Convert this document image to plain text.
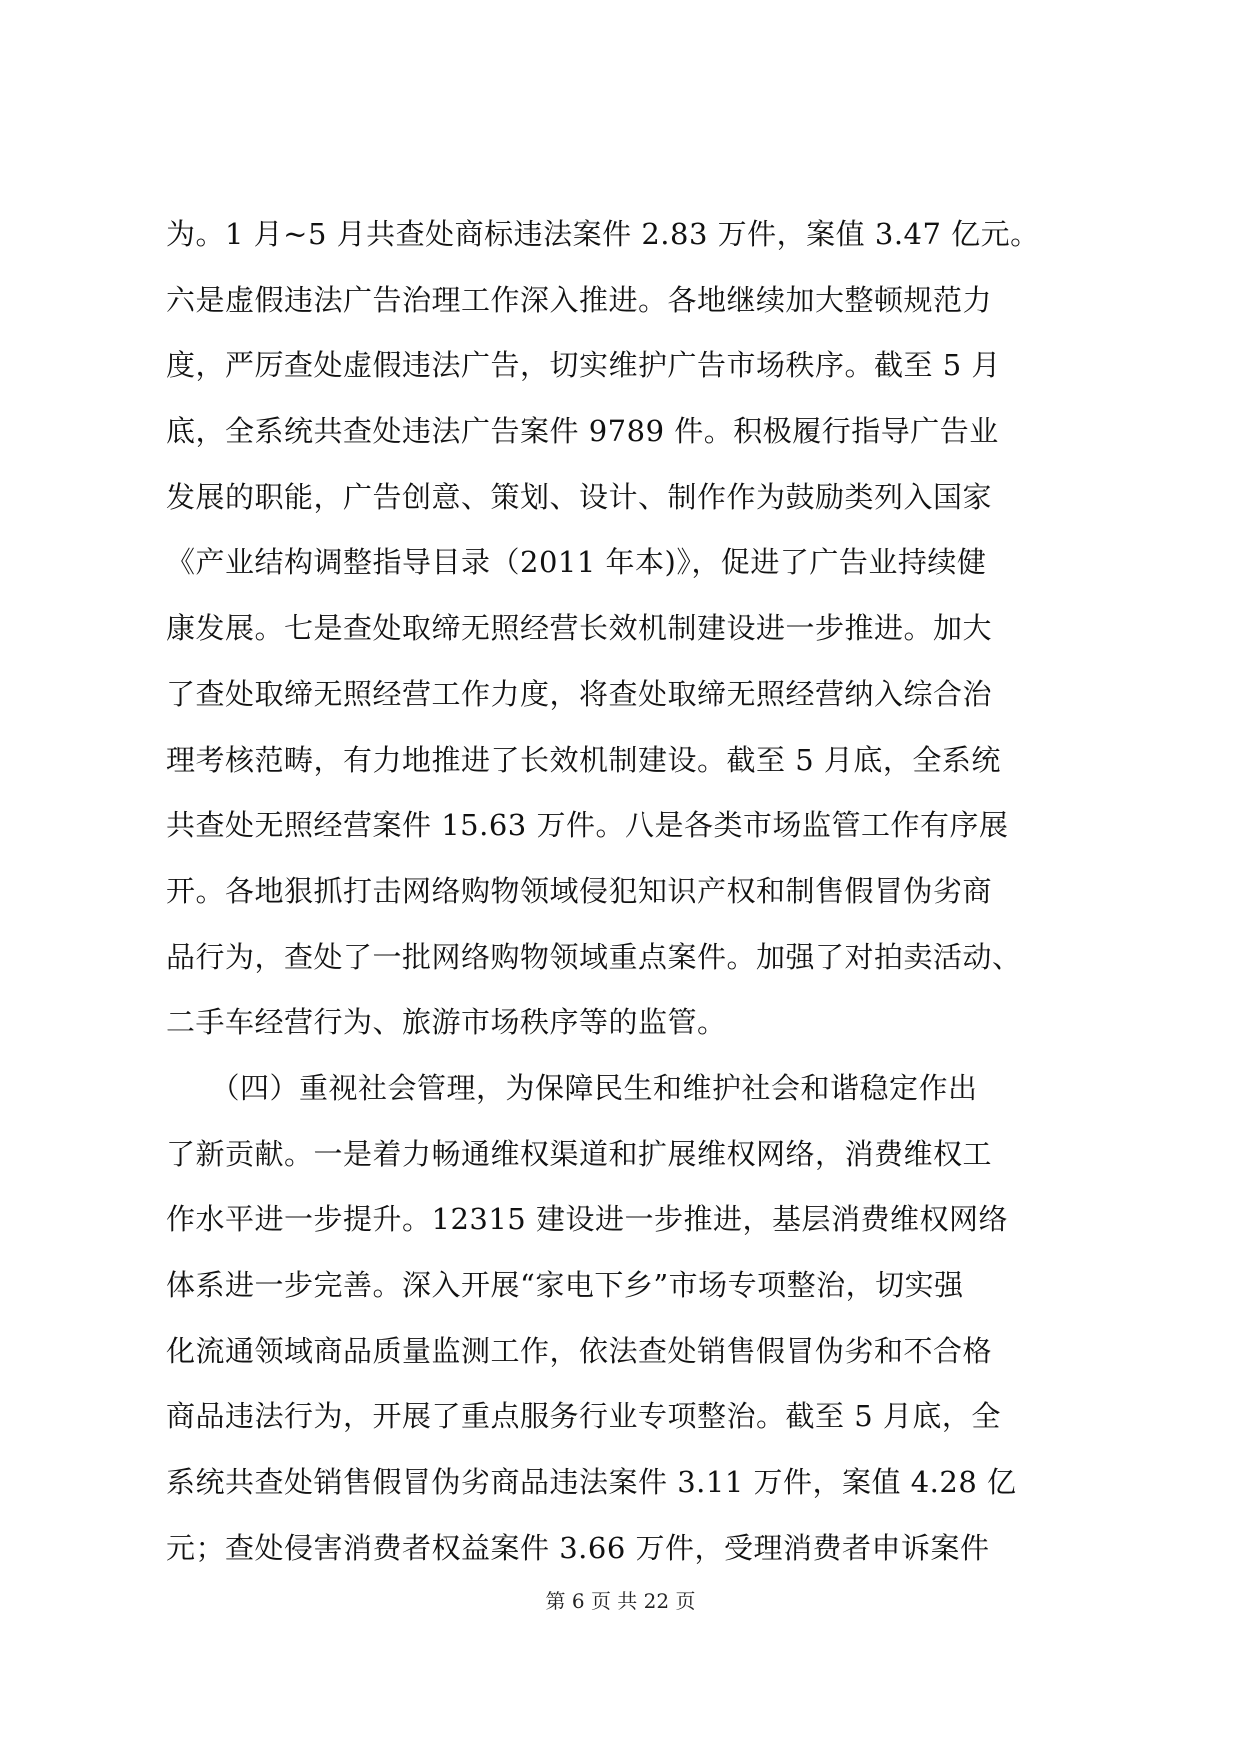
为。1 月~5 月共查处商标违法案件 2.83 万件，案值 3.47 亿元。
六是虚假违法广告治理工作深入推进。各地继续加大整顿规范力
度，严厉查处虚假违法广告，切实维护广告市场秩序。截至 5 月
底，全系统共查处违法广告案件 9789 件。积极履行指导广告业
发展的职能，广告创意、策划、设计、制作作为鼓励类列入国家
《产业结构调整指导目录（2011 年本)》，促进了广告业持续健
康发展。七是查处取缔无照经营长效机制建设进一步推进。加大
了查处取缔无照经营工作力度，将查处取缔无照经营纳入综合治
理考核范畴，有力地推进了长效机制建设。截至 5 月底，全系统
共查处无照经营案件 15.63 万件。八是各类市场监管工作有序展
开。各地狠抓打击网络购物领域侵犯知识产权和制售假冒伪劣商
品行为，查处了一批网络购物领域重点案件。加强了对拍卖活动、
二手车经营行为、旅游市场秩序等的监管。
　　（四）重视社会管理，为保障民生和维护社会和谐稳定作出
了新贡献。一是着力畅通维权渠道和扩展维权网络，消费维权工
作水平进一步提升。12315 建设进一步推进，基层消费维权网络
体系进一步完善。深入开展“家电下乡”市场专项整治，切实强
化流通领域商品质量监测工作，依法查处销售假冒伪劣和不合格
商品违法行为，开展了重点服务行业专项整治。截至 5 月底，全
系统共查处销售假冒伪劣商品违法案件 3.11 万件，案值 4.28 亿
元；查处侵害消费者权益案件 3.66 万件，受理消费者申诉案件
第 6 页 共 22 页
